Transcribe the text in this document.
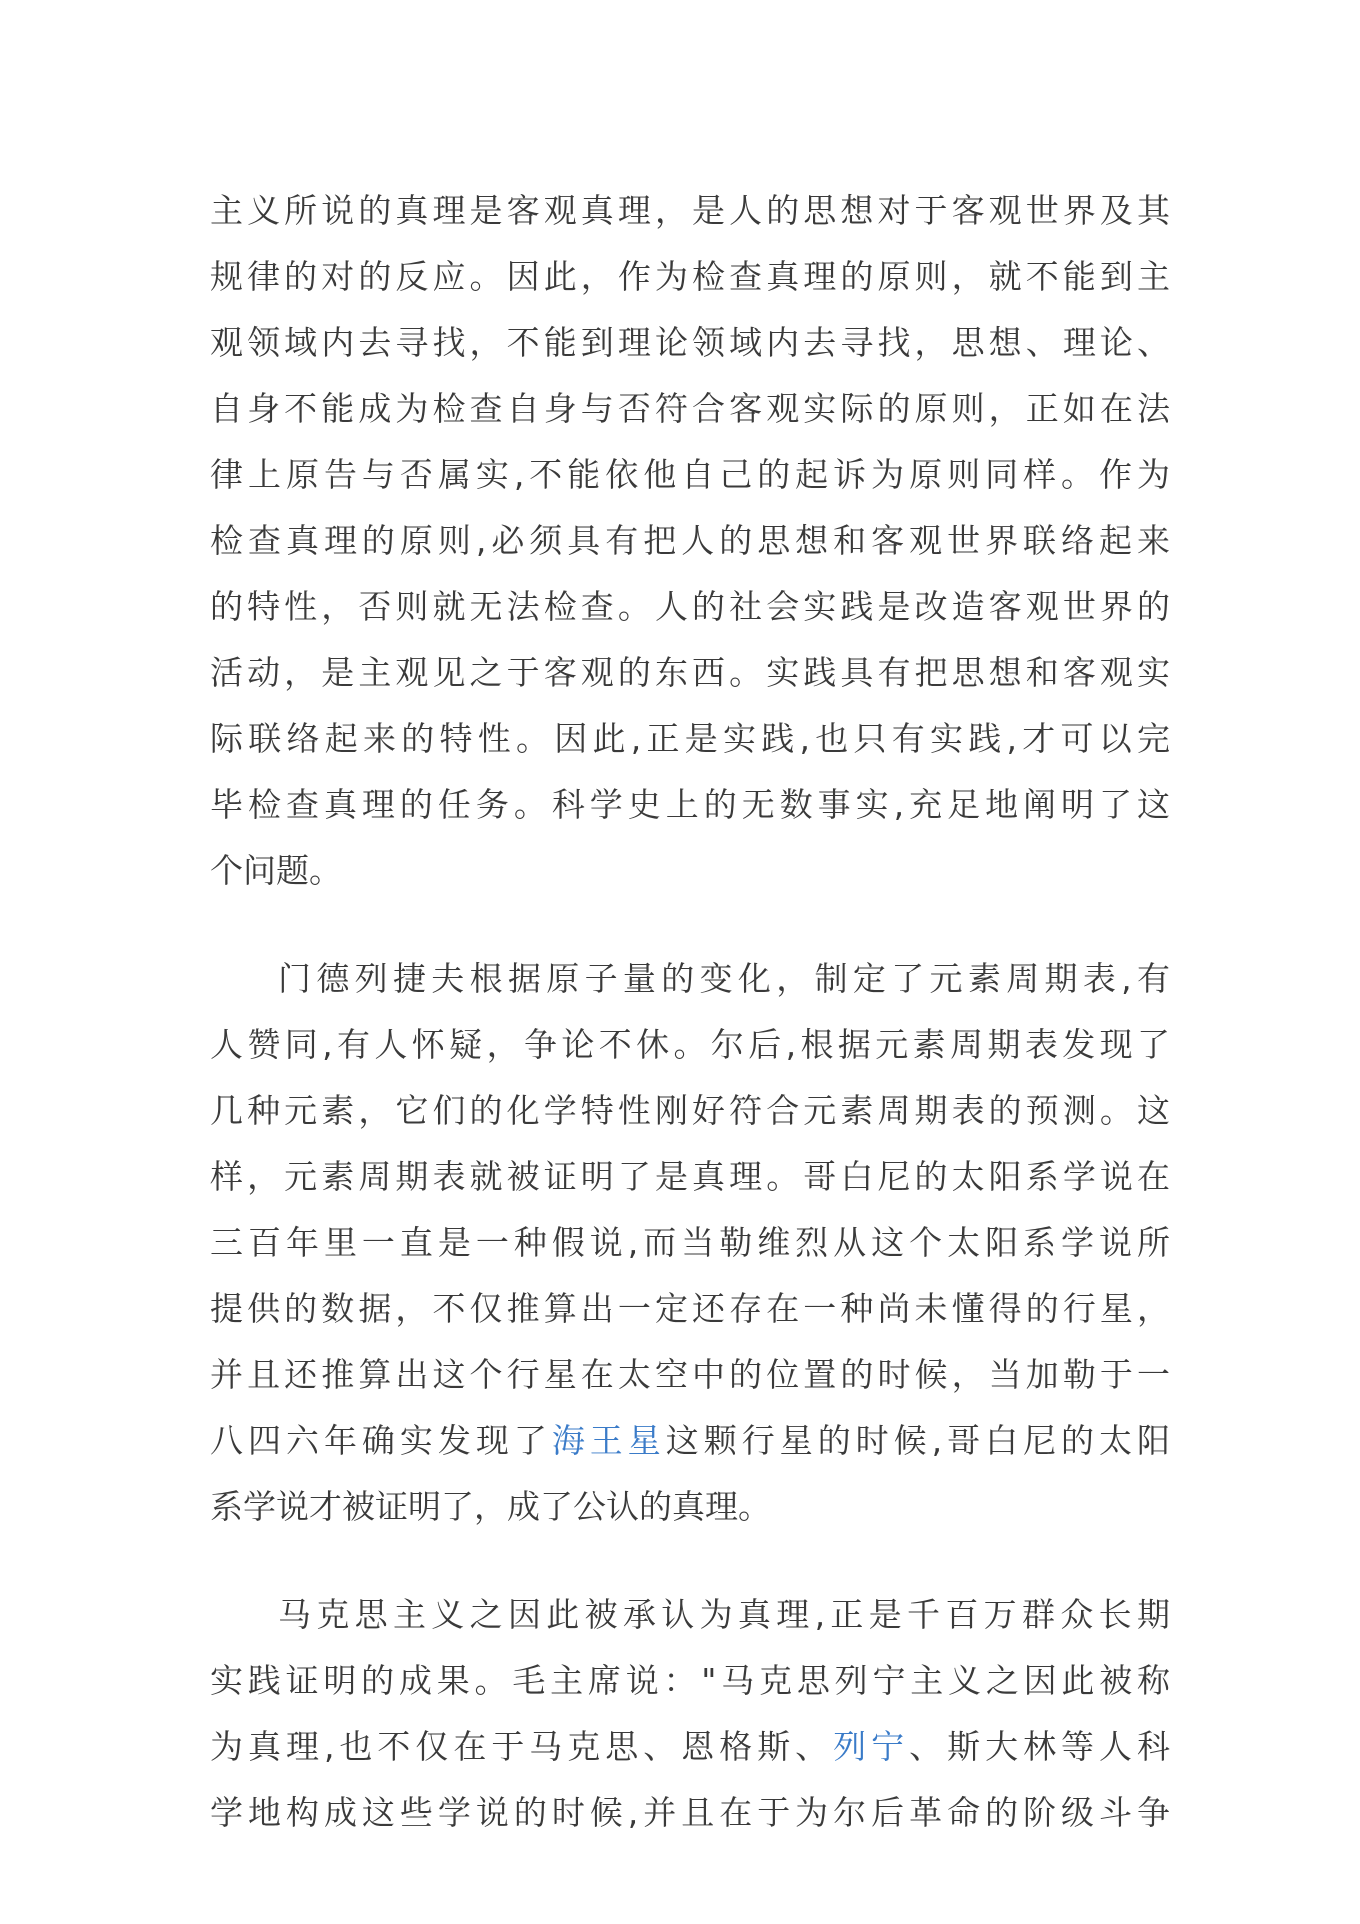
主义所说的真理是客观真理，是人的思想对于客观世界及其
规律的对的反应。因此，作为检查真理的原则，就不能到主
观领域内去寻找，不能到理论领域内去寻找，思想、理论、
自身不能成为检查自身与否符合客观实际的原则，正如在法
律上原告与否属实,不能依他自己的起诉为原则同样。作为
检查真理的原则,必须具有把人的思想和客观世界联络起来
的特性，否则就无法检查。人的社会实践是改造客观世界的
活动，是主观见之于客观的东西。实践具有把思想和客观实
际联络起来的特性。因此,正是实践,也只有实践,才可以完
毕检查真理的任务。科学史上的无数事实,充足地阐明了这
个问题。
门德列捷夫根据原子量的变化，制定了元素周期表,有
人赞同,有人怀疑，争论不休。尔后,根据元素周期表发现了
几种元素，它们的化学特性刚好符合元素周期表的预测。这
样，元素周期表就被证明了是真理。哥白尼的太阳系学说在
三百年里一直是一种假说,而当勒维烈从这个太阳系学说所
提供的数据，不仅推算出一定还存在一种尚未懂得的行星，
并且还推算出这个行星在太空中的位置的时候，当加勒于一
八四六年确实发现了海王星这颗行星的时候,哥白尼的太阳
系学说才被证明了，成了公认的真理。
马克思主义之因此被承认为真理,正是千百万群众长期
实践证明的成果。毛主席说："马克思列宁主义之因此被称
为真理,也不仅在于马克思、恩格斯、列宁、斯大林等人科
学地构成这些学说的时候,并且在于为尔后革命的阶级斗争
